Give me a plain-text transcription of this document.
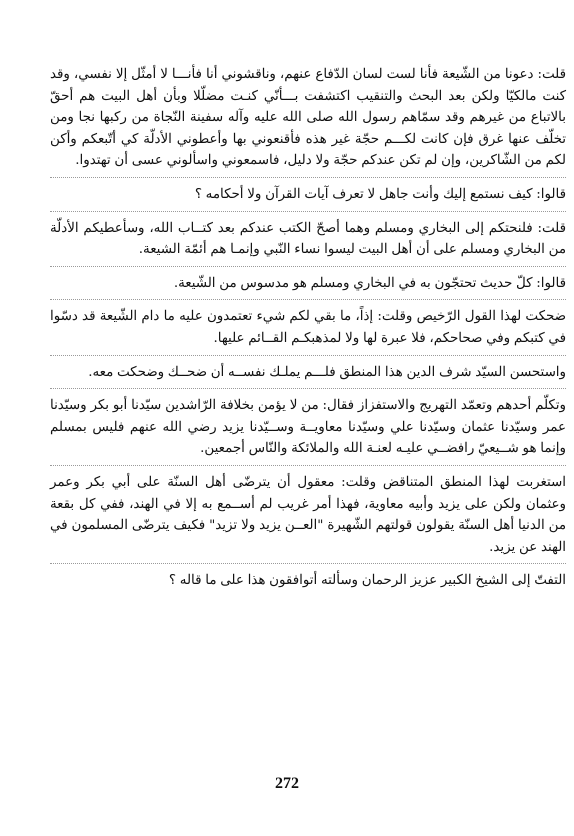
قلت: دعونا من الشّيعة فأنا لست لسان الدّفاع عنهم، وناقشوني أنا فأنـــا لا أمثّل إلا نفسي، وقد كنت مالكيّا ولكن بعد البحث والتنقيب اكتشفت بـــأنّي كنـت مضلّلا وبأن أهل البيت هم أحقّ بالاتباع من غيرهم وقد سمّاهم رسول الله صلى الله عليه وآله سفينة النّجاة من ركبها نجا ومن تخلّف عنها غرق فإن كانت لكـــم حجّة غير هذه فأقنعوني بها وأعطوني الأدلّة كي أتّبعكم وأكن لكم من الشّاكرين، وإن لم تكن عندكم حجّة ولا دليل، فاسمعوني واسألوني عسى أن تهتدوا.

قالوا: كيف نستمع إليك وأنت جاهل لا تعرف آيات القرآن ولا أحكامه ؟

قلت: فلنحتكم إلى البخاري ومسلم وهما أصحّ الكتب عندكم بعد كتــاب الله، وسأعطيكم الأدلّة من البخاري ومسلم على أن أهل البيت ليسوا نساء النّبي وإنمـا هم أئمّة الشيعة.

قالوا: كلّ حديث تحتجّون به في البخاري ومسلم هو مدسوس من الشّيعة.

ضحكت لهذا القول الرّخيص وقلت: إذاً، ما بقي لكم شيء تعتمدون عليه ما دام الشّيعة قد دسّوا في كتبكم وفي صحاحكم، فلا عبرة لها ولا لمذهبكـم القــائم عليها.

واستحسن السيّد شرف الدين هذا المنطق فلـــم يملـك نفســه أن ضحــك وضحكت معه.

وتكلّم أحدهم وتعمّد التهريج والاستفزاز فقال: من لا يؤمن بخلافة الرّاشدين سيّدنا أبو بكر وسيّدنا عمر وسيّدنا عثمان وسيّدنا علي وسيّدنا معاويــة وســيّدنا يزيد رضي الله عنهم فليس بمسلم وإنما هو شــيعيّ رافضــي عليـه لعنـة الله والملائكة والنّاس أجمعين.

استغربت لهذا المنطق المتناقض وقلت: معقول أن يترضّى أهل السنّة على أبي بكر وعمر وعثمان ولكن على يزيد وأبيه معاوية، فهذا أمر غريب لم أســمع به إلا في الهند، ففي كل بقعة من الدنيا أهل السنّة يقولون قولتهم الشّهيرة "العــن يزيد ولا تزيد" فكيف يترضّى المسلمون في الهند عن يزيد.

التفتّ إلى الشيخ الكبير عزيز الرحمان وسألته أتوافقون هذا على ما قاله ؟

272
